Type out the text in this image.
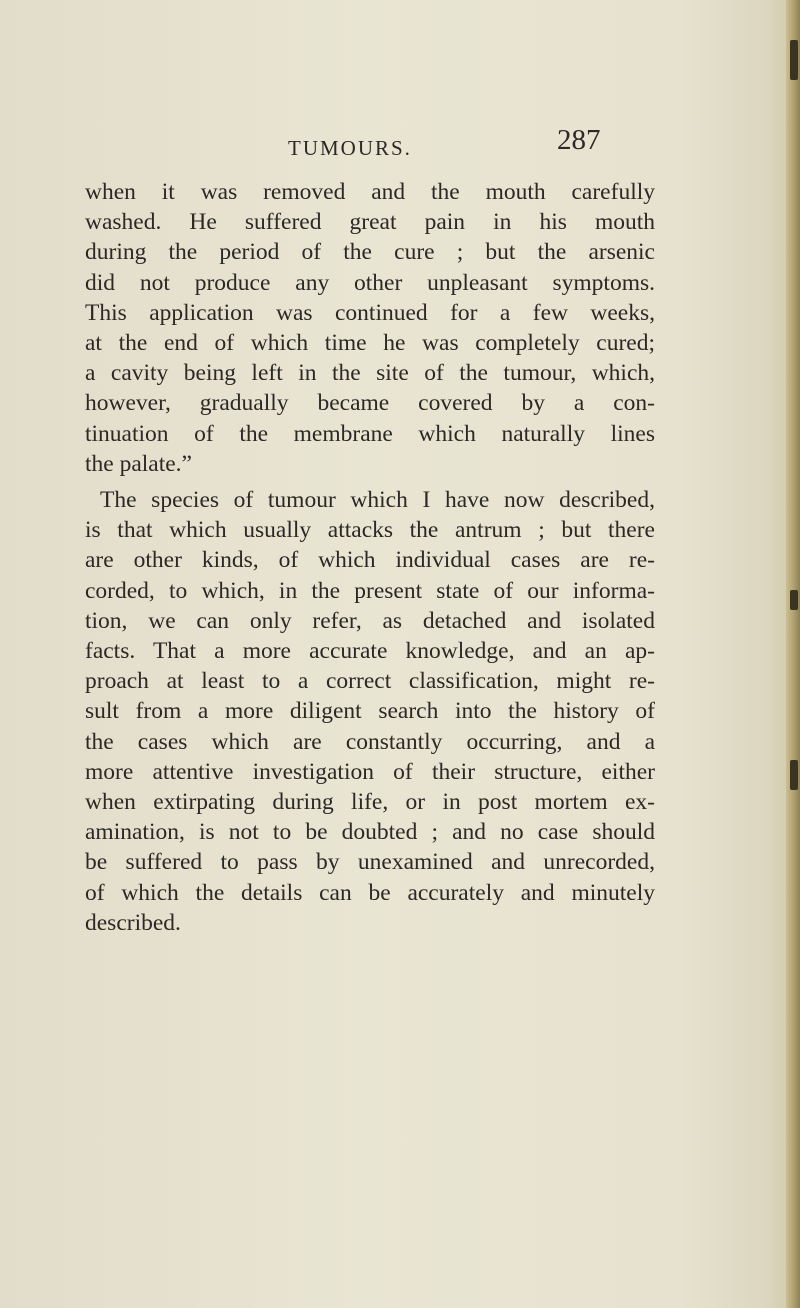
TUMOURS.	287
when it was removed and the mouth carefully
washed. He suffered great pain in his mouth
during the period of the cure ; but the arsenic
did not produce any other unpleasant symptoms.
This application was continued for a few weeks,
at the end of which time he was completely cured;
a cavity being left in the site of the tumour, which,
however, gradually became covered by a con-
tinuation of the membrane which naturally lines
the palate.”
The species of tumour which I have now described,
is that which usually attacks the antrum ; but there
are other kinds, of which individual cases are re-
corded, to which, in the present state of our informa-
tion, we can only refer, as detached and isolated
facts. That a more accurate knowledge, and an ap-
proach at least to a correct classification, might re-
sult from a more diligent search into the history of
the cases which are constantly occurring, and a
more attentive investigation of their structure, either
when extirpating during life, or in post mortem ex-
amination, is not to be doubted ; and no case should
be suffered to pass by unexamined and unrecorded,
of which the details can be accurately and minutely
described.
